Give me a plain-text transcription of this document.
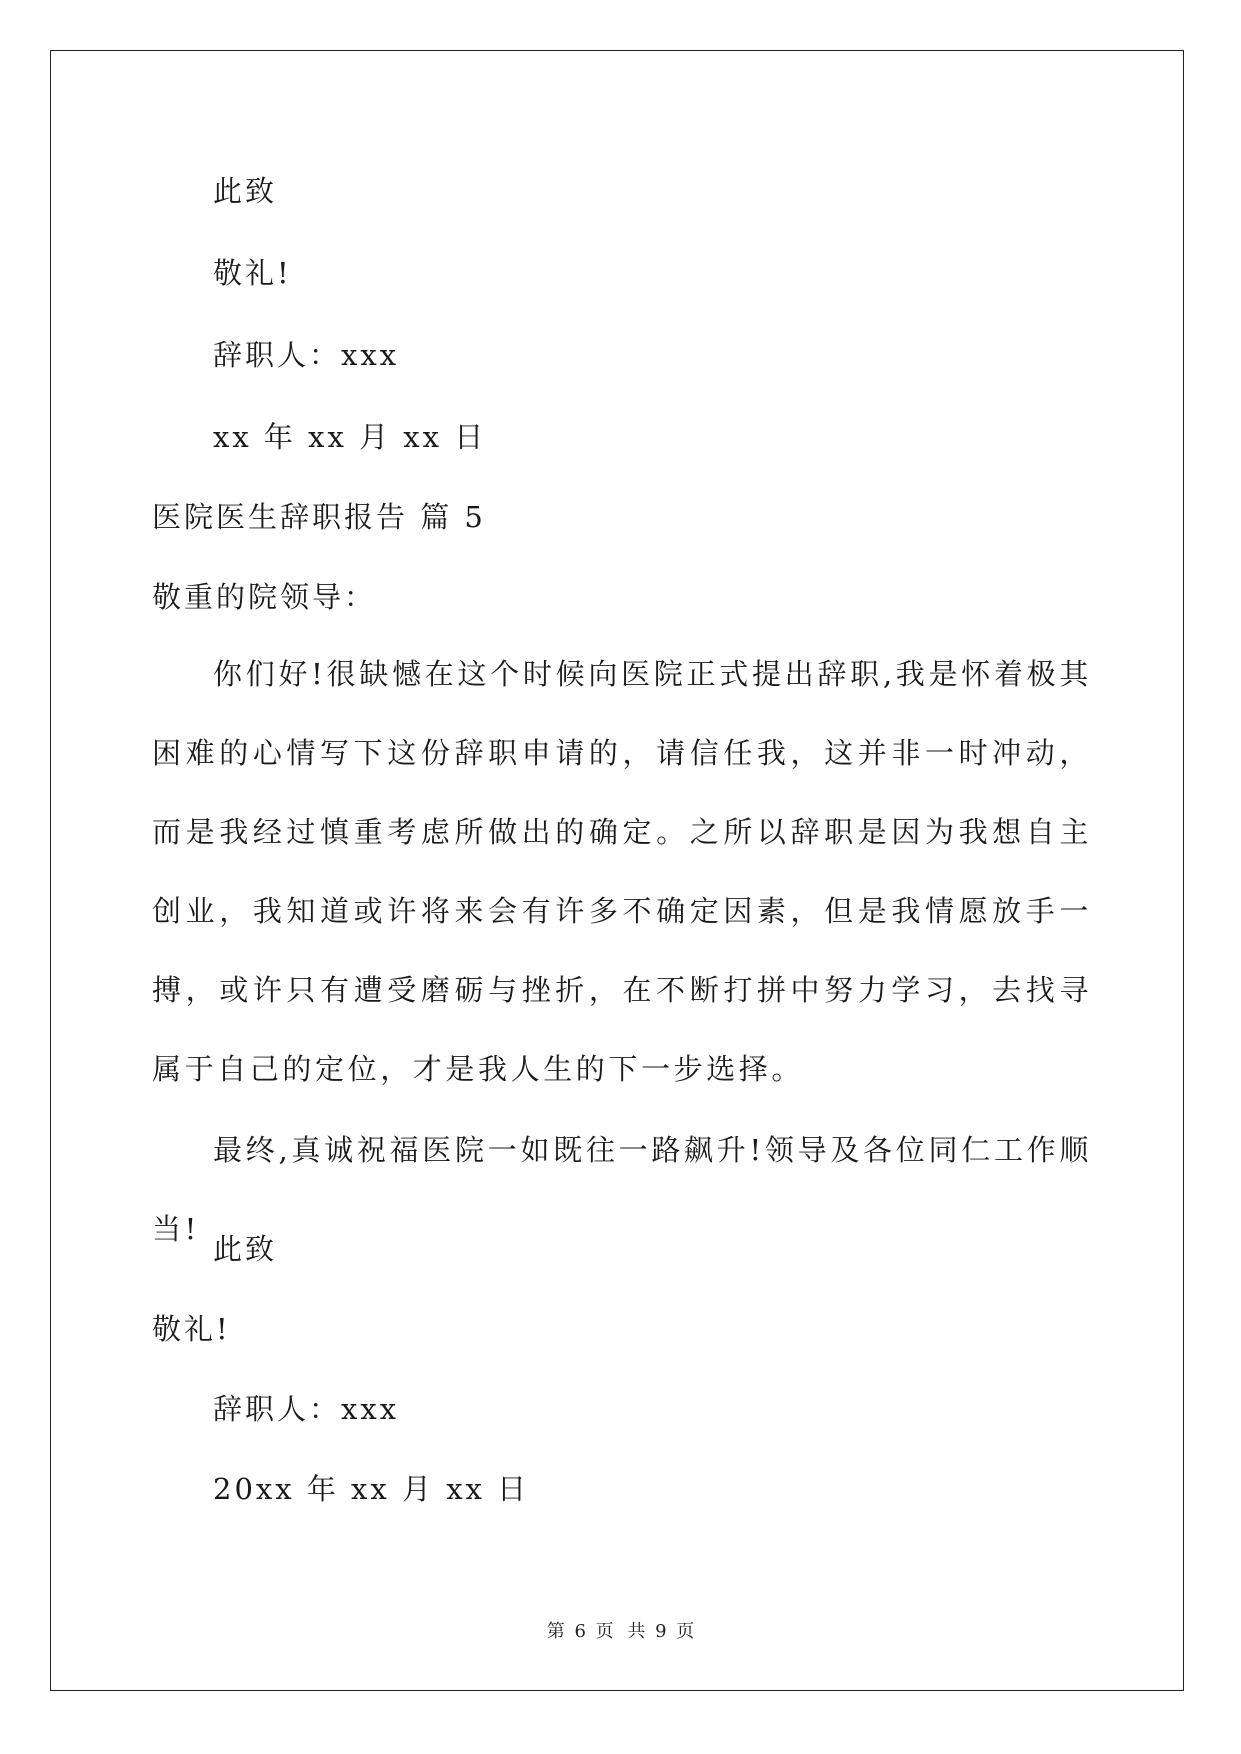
此致
敬礼!
辞职人：xxx
xx 年 xx 月 xx 日
医院医生辞职报告 篇 5
敬重的院领导：

你们好!很缺憾在这个时候向医院正式提出辞职,我是怀着极其困难的心情写下这份辞职申请的，请信任我，这并非一时冲动，而是我经过慎重考虑所做出的确定。之所以辞职是因为我想自主创业，我知道或许将来会有许多不确定因素，但是我情愿放手一搏，或许只有遭受磨砺与挫折，在不断打拼中努力学习，去找寻属于自己的定位，才是我人生的下一步选择。

最终,真诚祝福医院一如既往一路飙升!领导及各位同仁工作顺当!

此致
敬礼!
辞职人：xxx
20xx 年 xx 月 xx 日
第 6 页 共 9 页
